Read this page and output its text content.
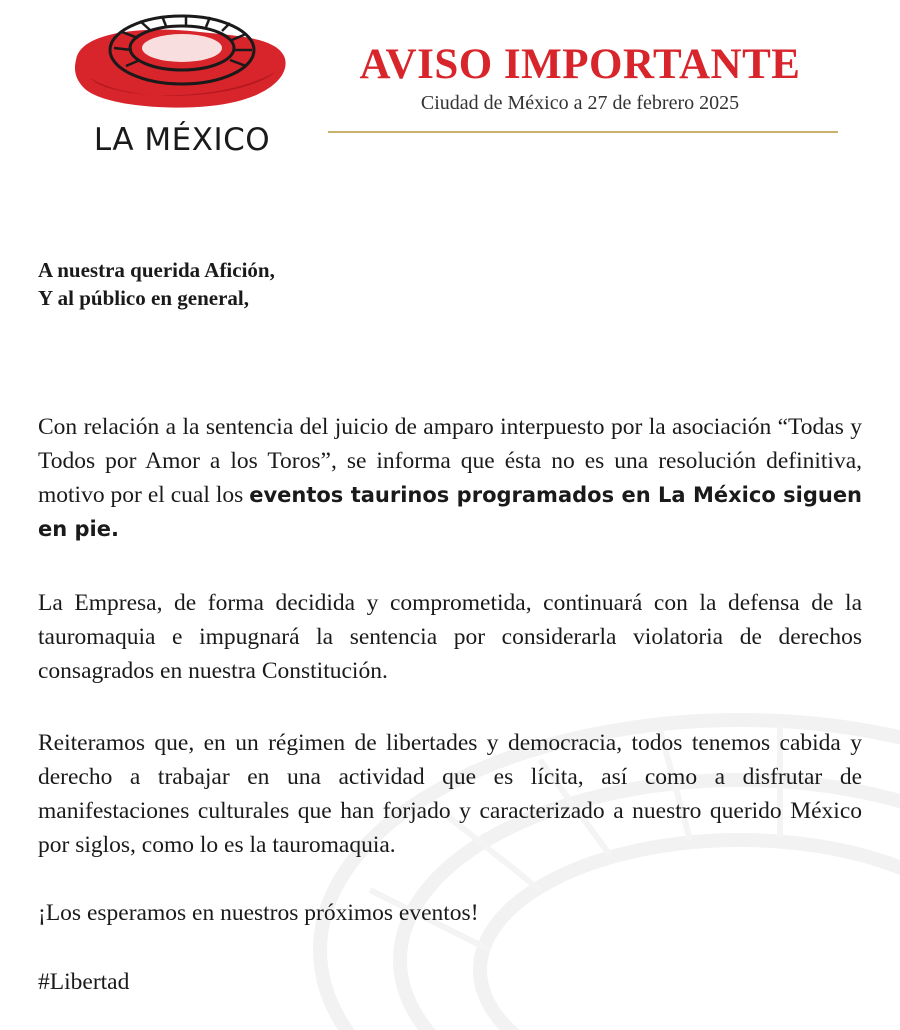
LA MÉXICO
AVISO IMPORTANTE
Ciudad de México a 27 de febrero 2025
A nuestra querida Afición,
Y al público en general,
Con relación a la sentencia del juicio de amparo interpuesto por la asociación “Todas y Todos por Amor a los Toros”, se informa que ésta no es una resolución definitiva, motivo por el cual los eventos taurinos programados en La México siguen en pie.
La Empresa, de forma decidida y comprometida, continuará con la defensa de la tauromaquia e impugnará la sentencia por considerarla violatoria de derechos consagrados en nuestra Constitución.
Reiteramos que, en un régimen de libertades y democracia, todos tenemos cabida y derecho a trabajar en una actividad que es lícita, así como a disfrutar de manifestaciones culturales que han forjado y caracterizado a nuestro querido México por siglos, como lo es la tauromaquia.
¡Los esperamos en nuestros próximos eventos!
#Libertad
